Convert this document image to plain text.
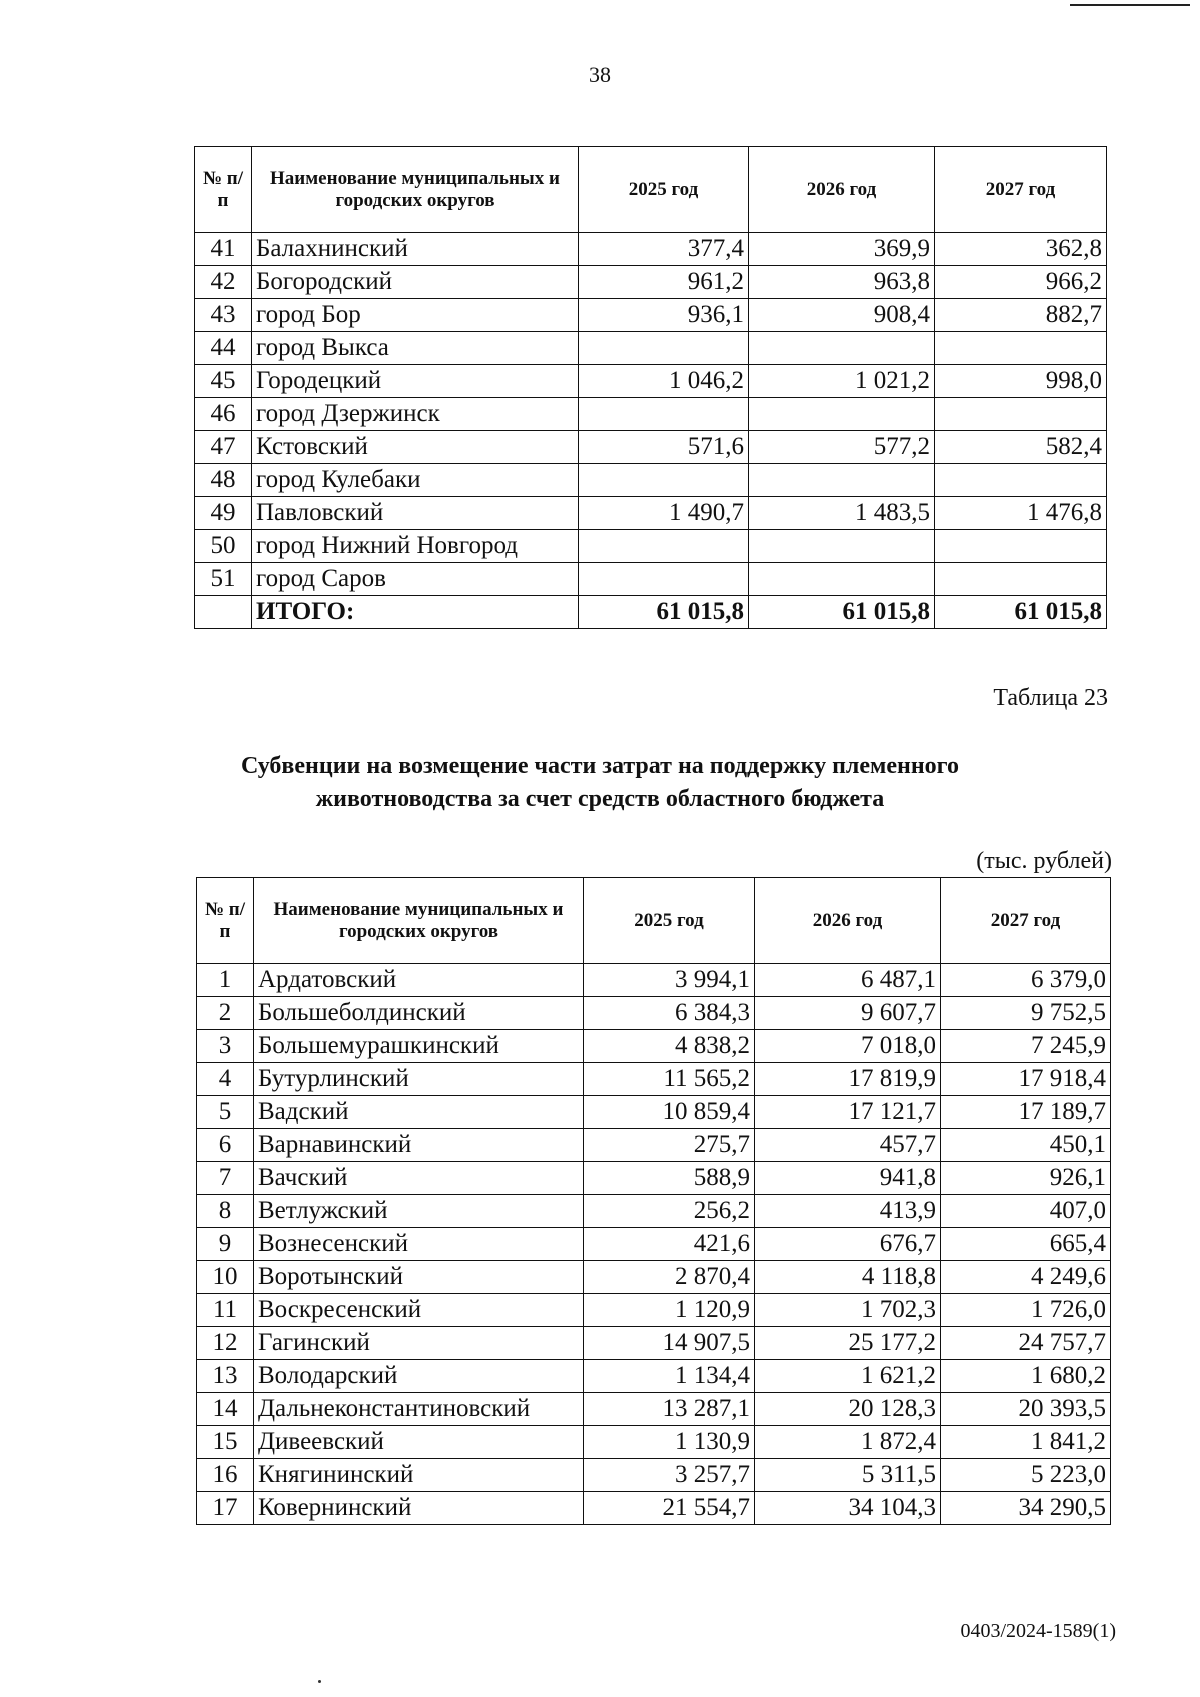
38
№ п/п	Наименование муниципальных и городских округов	2025 год	2026 год	2027 год
41	Балахнинский	377,4	369,9	362,8
42	Богородский	961,2	963,8	966,2
43	город Бор	936,1	908,4	882,7
44	город Выкса			
45	Городецкий	1 046,2	1 021,2	998,0
46	город Дзержинск			
47	Кстовский	571,6	577,2	582,4
48	город Кулебаки			
49	Павловский	1 490,7	1 483,5	1 476,8
50	город Нижний Новгород			
51	город Саров			
	ИТОГО:	61 015,8	61 015,8	61 015,8
Таблица 23
Субвенции на возмещение части затрат на поддержку племенного
животноводства за счет средств областного бюджета
(тыс. рублей)
№ п/п	Наименование муниципальных и городских округов	2025 год	2026 год	2027 год
1	Ардатовский	3 994,1	6 487,1	6 379,0
2	Большеболдинский	6 384,3	9 607,7	9 752,5
3	Большемурашкинский	4 838,2	7 018,0	7 245,9
4	Бутурлинский	11 565,2	17 819,9	17 918,4
5	Вадский	10 859,4	17 121,7	17 189,7
6	Варнавинский	275,7	457,7	450,1
7	Вачский	588,9	941,8	926,1
8	Ветлужский	256,2	413,9	407,0
9	Вознесенский	421,6	676,7	665,4
10	Воротынский	2 870,4	4 118,8	4 249,6
11	Воскресенский	1 120,9	1 702,3	1 726,0
12	Гагинский	14 907,5	25 177,2	24 757,7
13	Володарский	1 134,4	1 621,2	1 680,2
14	Дальнеконстантиновский	13 287,1	20 128,3	20 393,5
15	Дивеевский	1 130,9	1 872,4	1 841,2
16	Княгининский	3 257,7	5 311,5	5 223,0
17	Ковернинский	21 554,7	34 104,3	34 290,5
0403/2024-1589(1)
